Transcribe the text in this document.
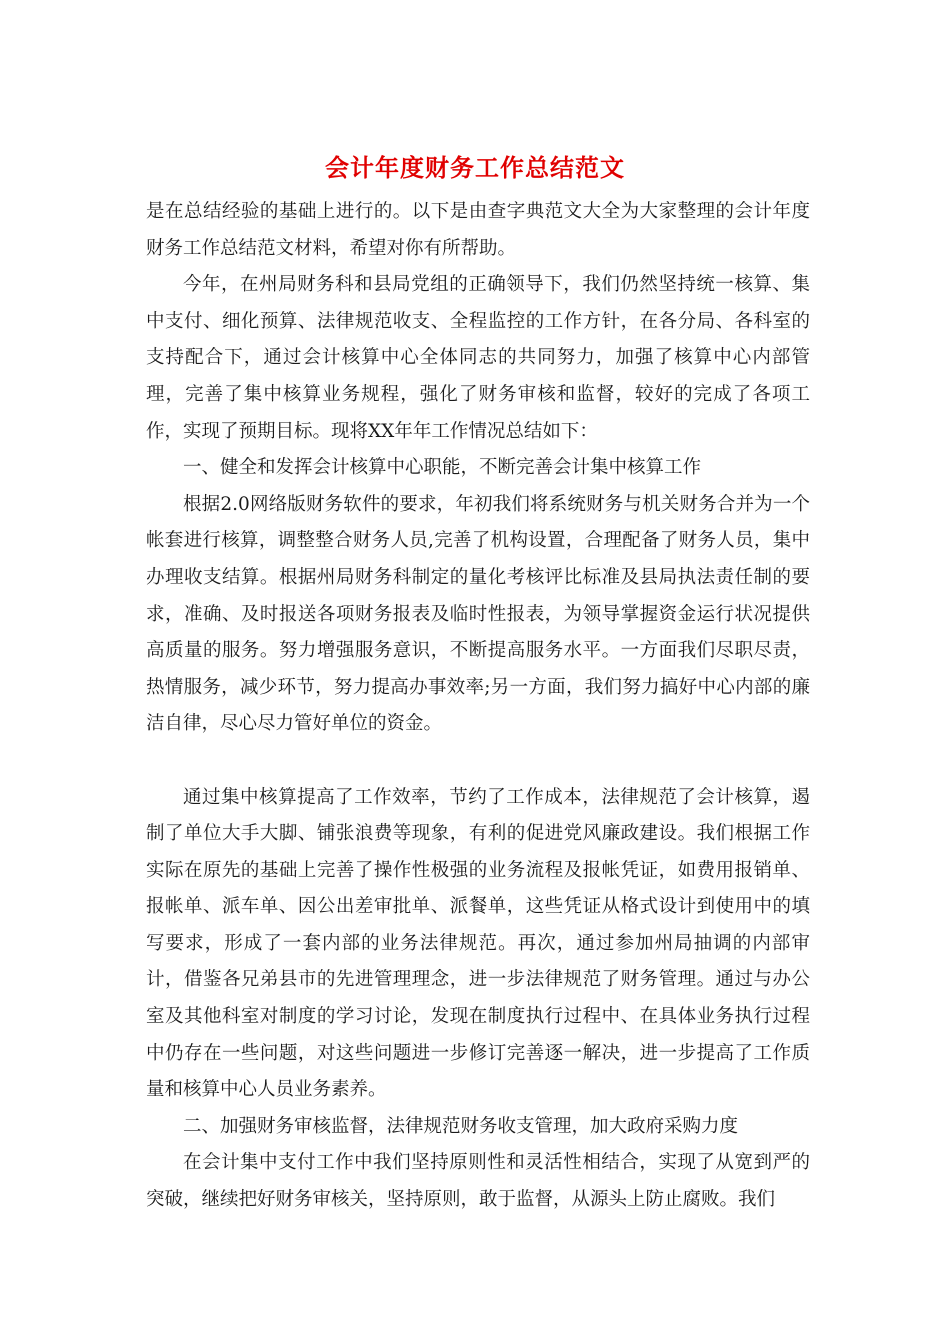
会计年度财务工作总结范文

是在总结经验的基础上进行的。以下是由查字典范文大全为大家整理的会计年度财务工作总结范文材料，希望对你有所帮助。

今年，在州局财务科和县局党组的正确领导下，我们仍然坚持统一核算、集中支付、细化预算、法律规范收支、全程监控的工作方针，在各分局、各科室的支持配合下，通过会计核算中心全体同志的共同努力，加强了核算中心内部管理，完善了集中核算业务规程，强化了财务审核和监督，较好的完成了各项工作，实现了预期目标。现将XX年年工作情况总结如下：

一、健全和发挥会计核算中心职能，不断完善会计集中核算工作

根据2.0网络版财务软件的要求，年初我们将系统财务与机关财务合并为一个帐套进行核算，调整整合财务人员,完善了机构设置，合理配备了财务人员，集中办理收支结算。根据州局财务科制定的量化考核评比标准及县局执法责任制的要求，准确、及时报送各项财务报表及临时性报表，为领导掌握资金运行状况提供高质量的服务。努力增强服务意识，不断提高服务水平。一方面我们尽职尽责，热情服务，减少环节，努力提高办事效率;另一方面，我们努力搞好中心内部的廉洁自律，尽心尽力管好单位的资金。

通过集中核算提高了工作效率，节约了工作成本，法律规范了会计核算，遏制了单位大手大脚、铺张浪费等现象，有利的促进党风廉政建设。我们根据工作实际在原先的基础上完善了操作性极强的业务流程及报帐凭证，如费用报销单、报帐单、派车单、因公出差审批单、派餐单，这些凭证从格式设计到使用中的填写要求，形成了一套内部的业务法律规范。再次，通过参加州局抽调的内部审计，借鉴各兄弟县市的先进管理理念，进一步法律规范了财务管理。通过与办公室及其他科室对制度的学习讨论，发现在制度执行过程中、在具体业务执行过程中仍存在一些问题，对这些问题进一步修订完善逐一解决，进一步提高了工作质量和核算中心人员业务素养。

二、加强财务审核监督，法律规范财务收支管理，加大政府采购力度

在会计集中支付工作中我们坚持原则性和灵活性相结合，实现了从宽到严的突破，继续把好财务审核关，坚持原则，敢于监督，从源头上防止腐败。我们
